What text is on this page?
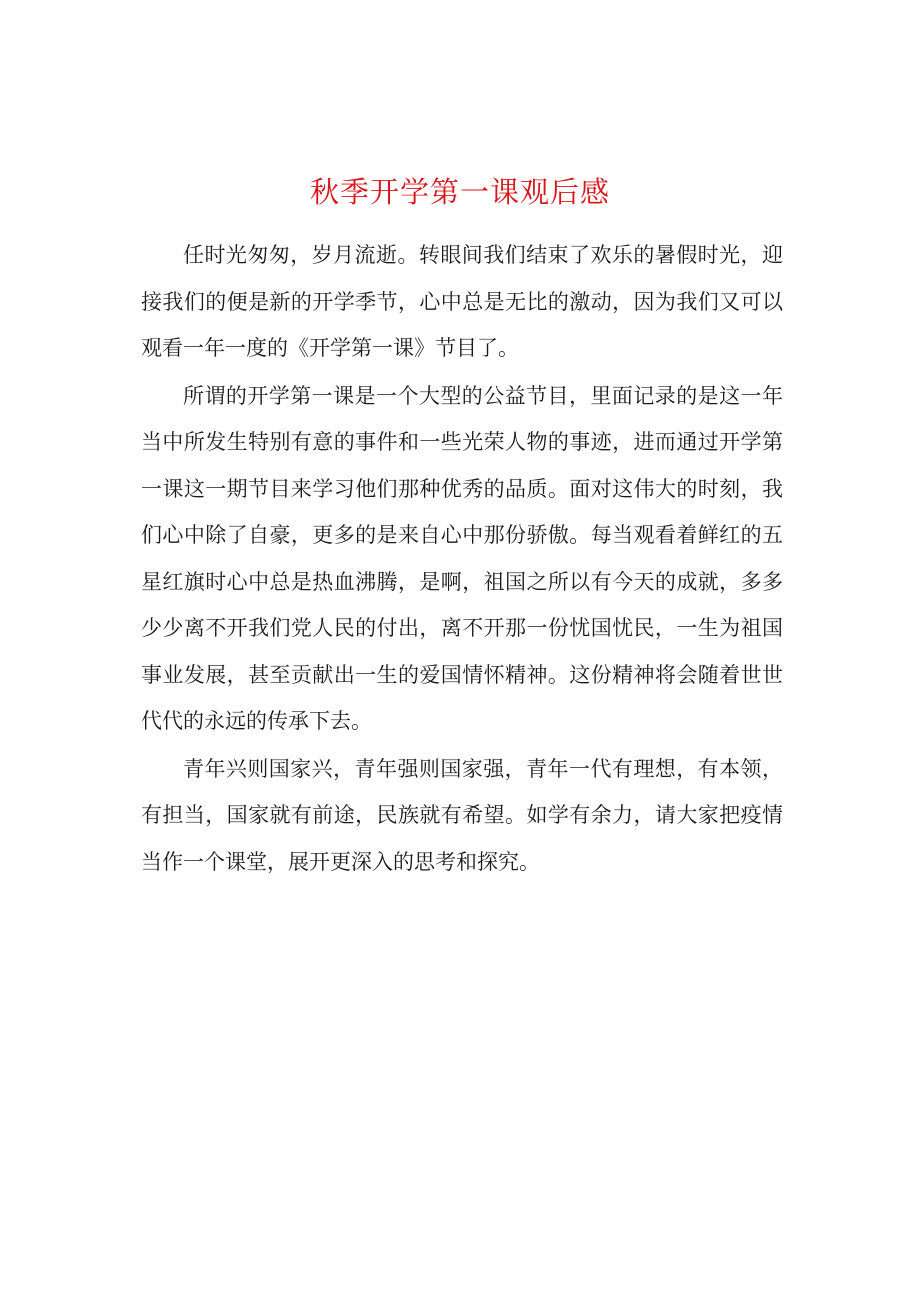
秋季开学第一课观后感

任时光匆匆，岁月流逝。转眼间我们结束了欢乐的暑假时光，迎接我们的便是新的开学季节，心中总是无比的激动，因为我们又可以观看一年一度的《开学第一课》节目了。

所谓的开学第一课是一个大型的公益节目，里面记录的是这一年当中所发生特别有意的事件和一些光荣人物的事迹，进而通过开学第一课这一期节目来学习他们那种优秀的品质。面对这伟大的时刻，我们心中除了自豪，更多的是来自心中那份骄傲。每当观看着鲜红的五星红旗时心中总是热血沸腾，是啊，祖国之所以有今天的成就，多多少少离不开我们党人民的付出，离不开那一份忧国忧民，一生为祖国事业发展，甚至贡献出一生的爱国情怀精神。这份精神将会随着世世代代的永远的传承下去。

青年兴则国家兴，青年强则国家强，青年一代有理想，有本领，有担当，国家就有前途，民族就有希望。如学有余力，请大家把疫情当作一个课堂，展开更深入的思考和探究。
